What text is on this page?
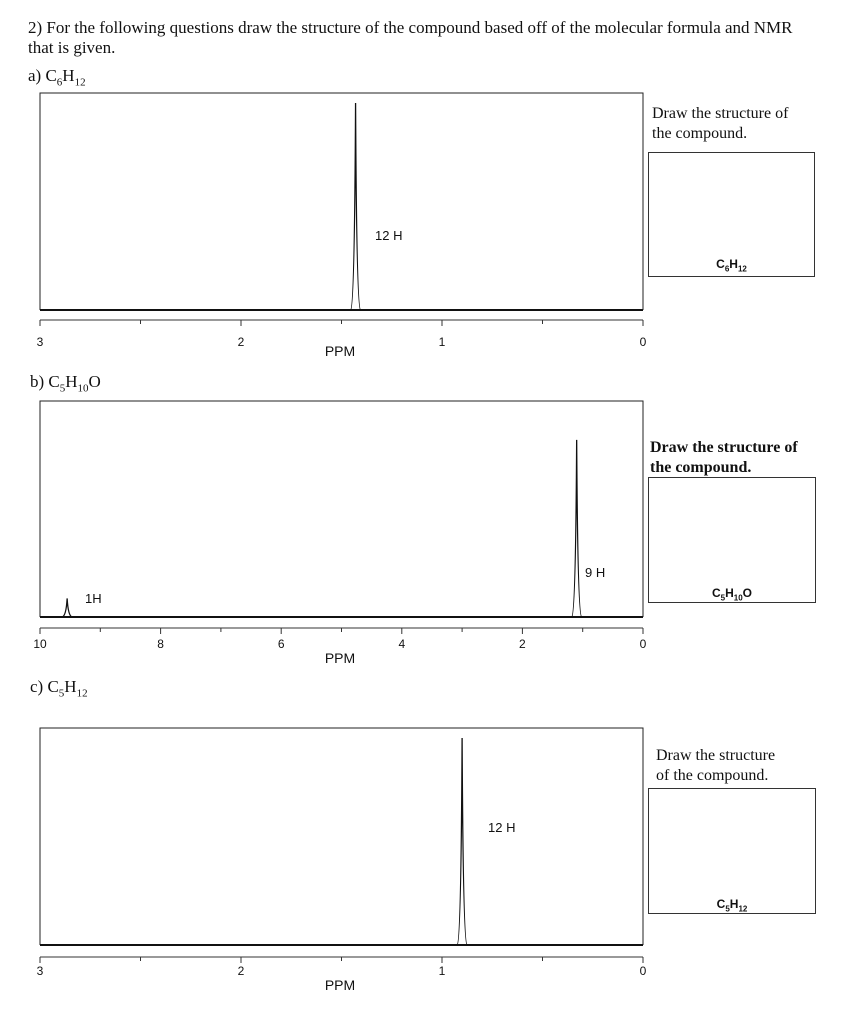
2) For the following questions draw the structure of the compound based off of the molecular formula and NMR
that is given.
a) $C_6H_{12}$
b) $C_5H_{10}O$
c) $C_5H_{12}$
3	2	1	0
PPM
12 H
10	8	6	4	2	0
PPM
1H
9 H
3	2	1	0
PPM
12 H
Draw the structure of
the compound.
$C_6H_{12}$
Draw the structure of
the compound.
$C_5H_{10}O$
Draw the structure
of the compound.
$C_5H_{12}$
